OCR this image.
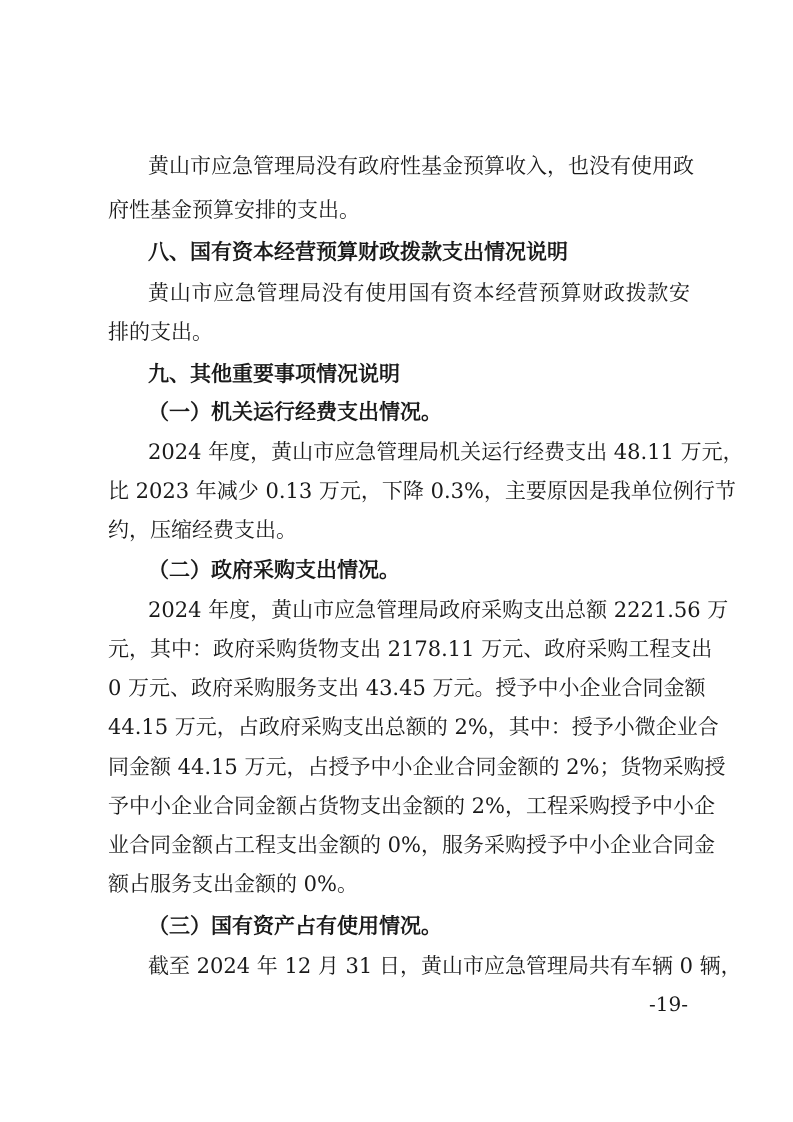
黄山市应急管理局没有政府性基金预算收入，也没有使用政
府性基金预算安排的支出。
八、国有资本经营预算财政拨款支出情况说明
黄山市应急管理局没有使用国有资本经营预算财政拨款安
排的支出。
九、其他重要事项情况说明
（一）机关运行经费支出情况。
2024 年度，黄山市应急管理局机关运行经费支出 48.11 万元，
比 2023 年减少 0.13 万元，下降 0.3%，主要原因是我单位例行节
约，压缩经费支出。
（二）政府采购支出情况。
2024 年度，黄山市应急管理局政府采购支出总额 2221.56 万
元，其中：政府采购货物支出 2178.11 万元、政府采购工程支出
0 万元、政府采购服务支出 43.45 万元。授予中小企业合同金额
44.15 万元，占政府采购支出总额的 2%，其中：授予小微企业合
同金额 44.15 万元，占授予中小企业合同金额的 2%；货物采购授
予中小企业合同金额占货物支出金额的 2%，工程采购授予中小企
业合同金额占工程支出金额的 0%，服务采购授予中小企业合同金
额占服务支出金额的 0%。
（三）国有资产占有使用情况。
截至 2024 年 12 月 31 日，黄山市应急管理局共有车辆 0 辆，
-19-
